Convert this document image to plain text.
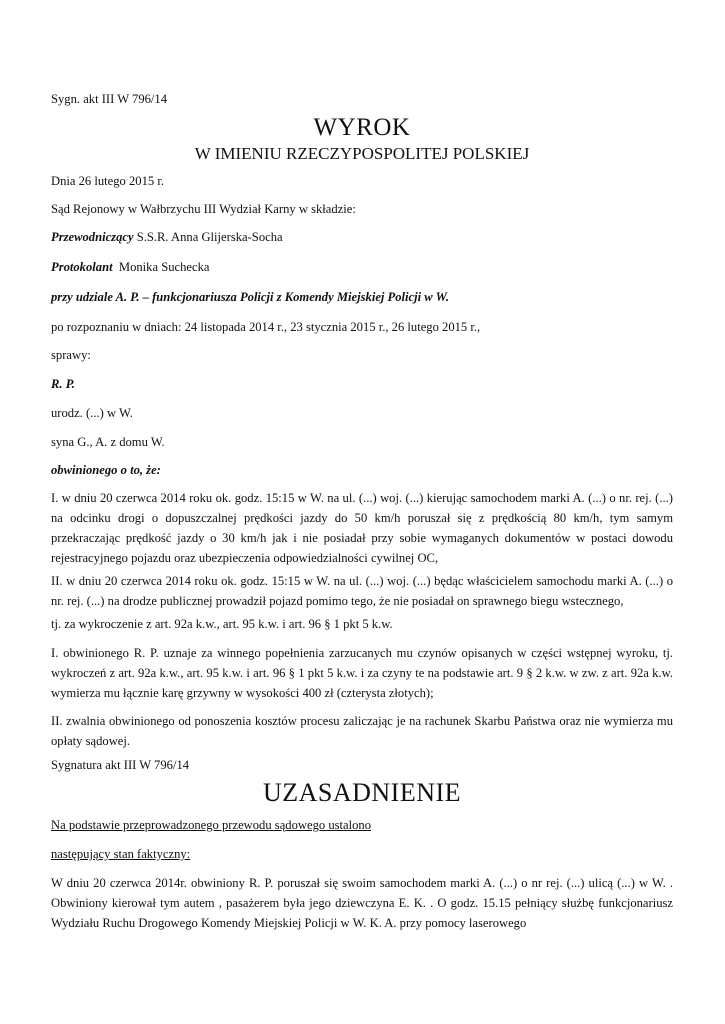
Sygn. akt III W 796/14

WYROK
W IMIENIU RZECZYPOSPOLITEJ POLSKIEJ

Dnia 26 lutego 2015 r.

Sąd Rejonowy w Wałbrzychu III Wydział Karny w składzie:

Przewodniczący S.S.R. Anna Glijerska-Socha

Protokolant Monika Suchecka

przy udziale A. P. – funkcjonariusza Policji z Komendy Miejskiej Policji w W.

po rozpoznaniu w dniach: 24 listopada 2014 r., 23 stycznia 2015 r., 26 lutego 2015 r.,

sprawy:

R. P.

urodz. (...) w W.

syna G., A. z domu W.

obwinionego o to, że:

I. w dniu 20 czerwca 2014 roku ok. godz. 15:15 w W. na ul. (...) woj. (...) kierując samochodem marki A. (...) o nr. rej. (...) na odcinku drogi o dopuszczalnej prędkości jazdy do 50 km/h poruszał się z prędkością 80 km/h, tym samym przekraczając prędkość jazdy o 30 km/h jak i nie posiadał przy sobie wymaganych dokumentów w postaci dowodu rejestracyjnego pojazdu oraz ubezpieczenia odpowiedzialności cywilnej OC,

II. w dniu 20 czerwca 2014 roku ok. godz. 15:15 w W. na ul. (...) woj. (...) będąc właścicielem samochodu marki A. (...) o nr. rej. (...) na drodze publicznej prowadził pojazd pomimo tego, że nie posiadał on sprawnego biegu wstecznego,

tj. za wykroczenie z art. 92a k.w., art. 95 k.w. i art. 96 § 1 pkt 5 k.w.

I. obwinionego R. P. uznaje za winnego popełnienia zarzucanych mu czynów opisanych w części wstępnej wyroku, tj. wykroczeń z art. 92a k.w., art. 95 k.w. i art. 96 § 1 pkt 5 k.w. i za czyny te na podstawie art. 9 § 2 k.w. w zw. z art. 92a k.w. wymierza mu łącznie karę grzywny w wysokości 400 zł (czterysta złotych);

II. zwalnia obwinionego od ponoszenia kosztów procesu zaliczając je na rachunek Skarbu Państwa oraz nie wymierza mu opłaty sądowej.

Sygnatura akt III W 796/14

UZASADNIENIE

Na podstawie przeprowadzonego przewodu sądowego ustalono

następujący stan faktyczny:

W dniu 20 czerwca 2014r. obwiniony R. P. poruszał się swoim samochodem marki A. (...) o nr rej. (...) ulicą (...) w W. . Obwiniony kierował tym autem , pasażerem była jego dziewczyna E. K. . O godz. 15.15 pełniący służbę funkcjonariusz Wydziału Ruchu Drogowego Komendy Miejskiej Policji w W. K. A. przy pomocy laserowego
